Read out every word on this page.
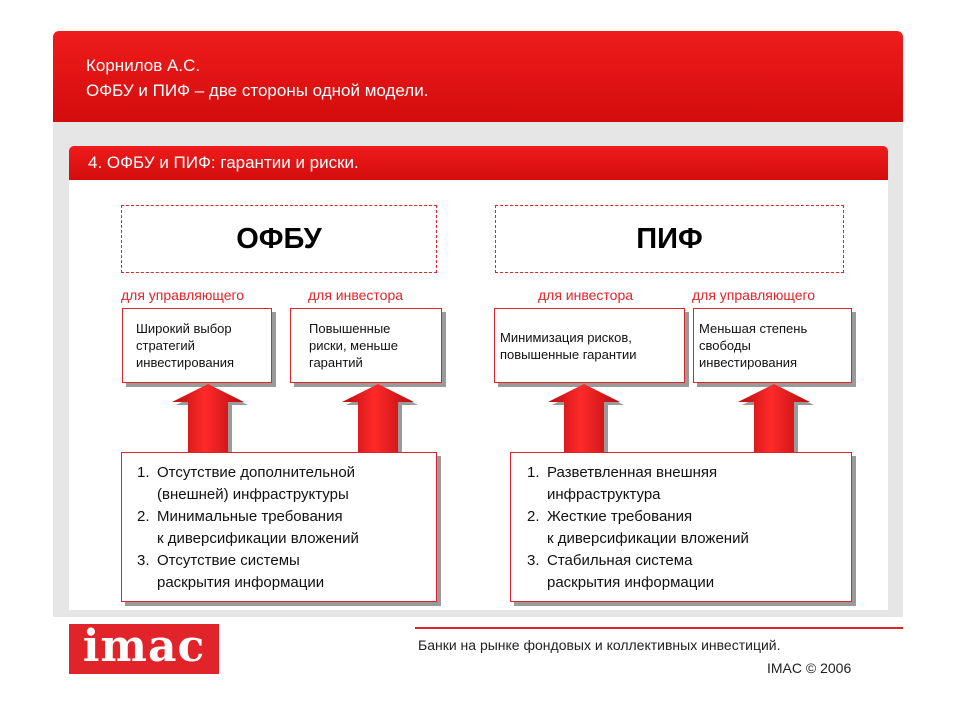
Корнилов А.С.
ОФБУ и ПИФ – две стороны одной модели.
4. ОФБУ и ПИФ: гарантии и риски.
ОФБУ	ПИФ
для управляющего	для инвестора	для инвестора	для управляющего
Широкий выбор
стратегий
инвестирования
Повышенные
риски, меньше
гарантий
Минимизация рисков,
повышенные гарантии
Меньшая степень
свободы
инвестирования
1. Отсутствие дополнительной
(внешней) инфраструктуры
2. Минимальные требования
к диверсификации вложений
3. Отсутствие системы
раскрытия информации
1. Разветвленная внешняя
инфраструктура
2. Жесткие требования
к диверсификации вложений
3. Стабильная система
раскрытия информации
imac	Банки на рынке фондовых и коллективных инвестиций.
IMAC © 2006
